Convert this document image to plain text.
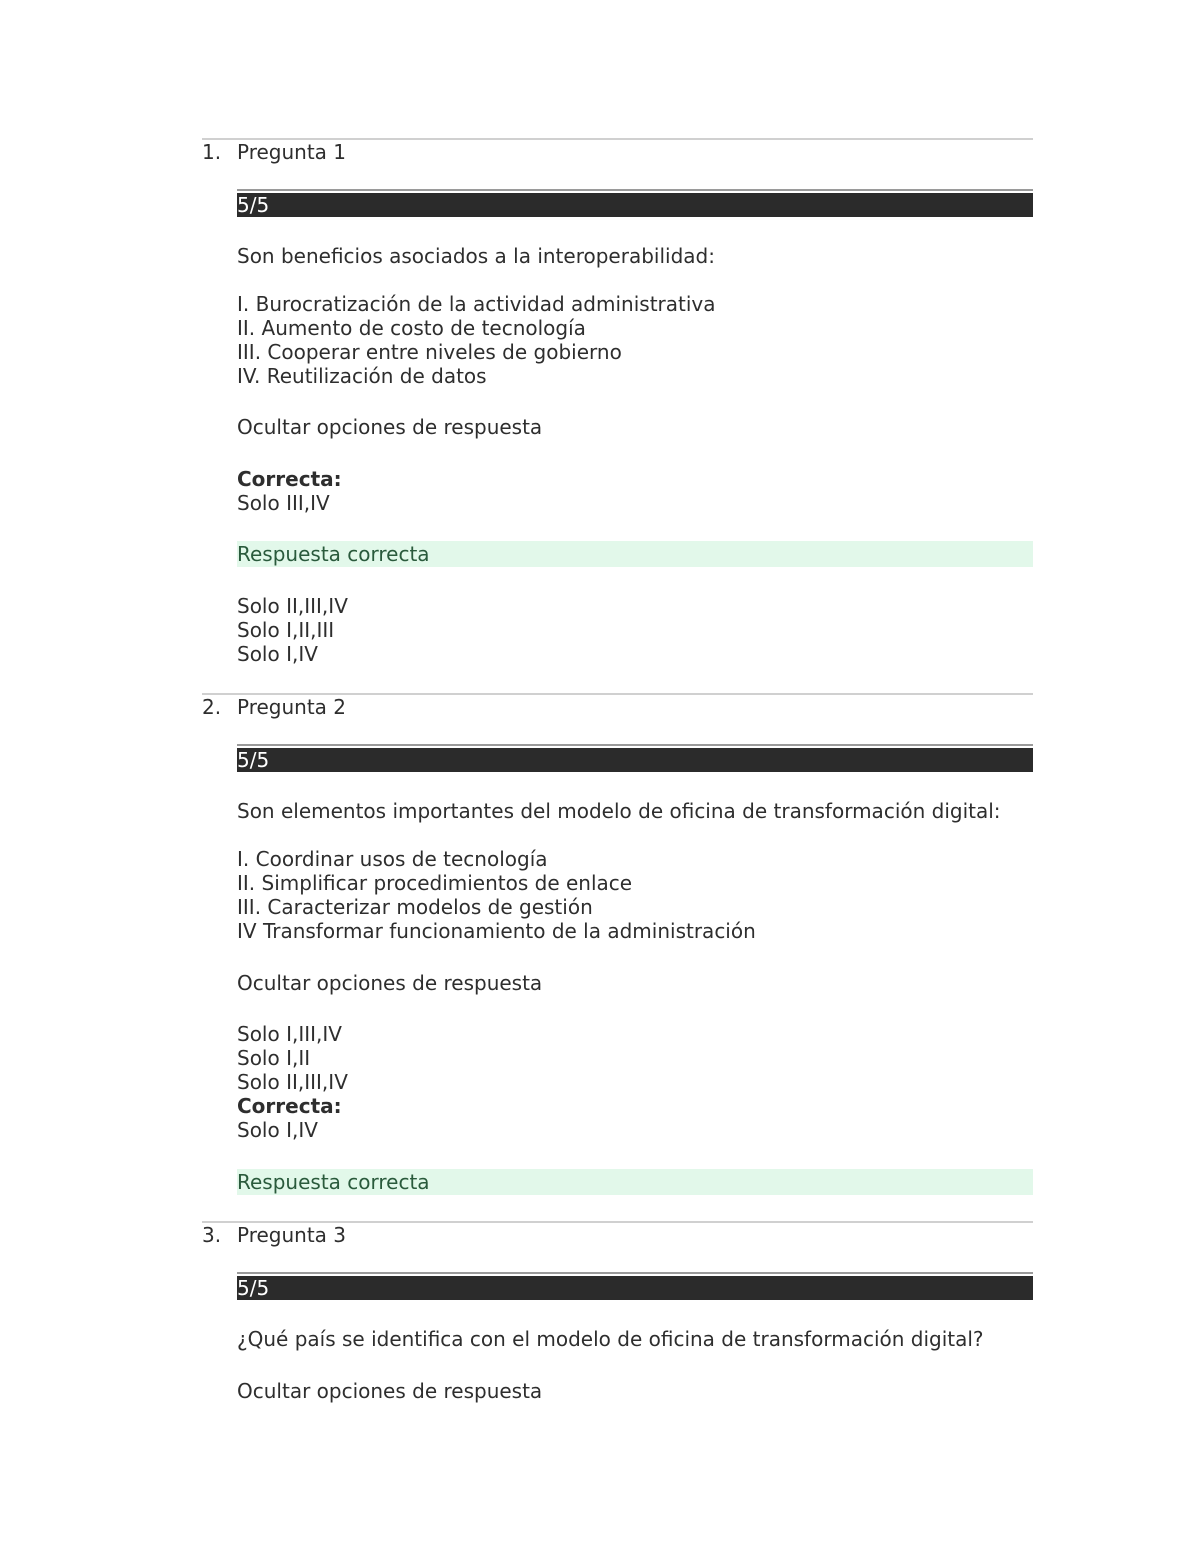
1. Pregunta 1
5/5
Son beneficios asociados a la interoperabilidad:
I. Burocratización de la actividad administrativa
II. Aumento de costo de tecnología
III. Cooperar entre niveles de gobierno
IV. Reutilización de datos
Ocultar opciones de respuesta
Correcta:
Solo III,IV
Respuesta correcta
Solo II,III,IV
Solo I,II,III
Solo I,IV
2. Pregunta 2
5/5
Son elementos importantes del modelo de oficina de transformación digital:
I. Coordinar usos de tecnología
II. Simplificar procedimientos de enlace
III. Caracterizar modelos de gestión
IV Transformar funcionamiento de la administración
Ocultar opciones de respuesta
Solo I,III,IV
Solo I,II
Solo II,III,IV
Correcta:
Solo I,IV
Respuesta correcta
3. Pregunta 3
5/5
¿Qué país se identifica con el modelo de oficina de transformación digital?
Ocultar opciones de respuesta
